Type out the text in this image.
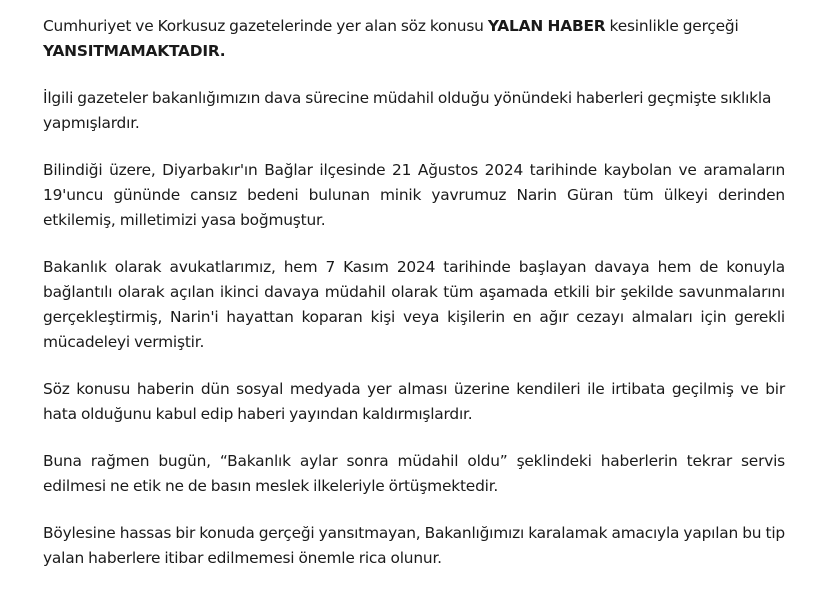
Cumhuriyet ve Korkusuz gazetelerinde yer alan söz konusu YALAN HABER kesinlikle gerçeği
YANSITMAMAKTADIR.

İlgili gazeteler bakanlığımızın dava sürecine müdahil olduğu yönündeki haberleri geçmişte sıklıkla yapmışlardır.

Bilindiği üzere, Diyarbakır'ın Bağlar ilçesinde 21 Ağustos 2024 tarihinde kaybolan ve aramaların 19'uncu gününde cansız bedeni bulunan minik yavrumuz Narin Güran tüm ülkeyi derinden etkilemiş, milletimizi yasa boğmuştur.

Bakanlık olarak avukatlarımız, hem 7 Kasım 2024 tarihinde başlayan davaya hem de konuyla bağlantılı olarak açılan ikinci davaya müdahil olarak tüm aşamada etkili bir şekilde savunmalarını gerçekleştirmiş, Narin'i hayattan koparan kişi veya kişilerin en ağır cezayı almaları için gerekli mücadeleyi vermiştir.

Söz konusu haberin dün sosyal medyada yer alması üzerine kendileri ile irtibata geçilmiş ve bir hata olduğunu kabul edip haberi yayından kaldırmışlardır.

Buna rağmen bugün, “Bakanlık aylar sonra müdahil oldu” şeklindeki haberlerin tekrar servis edilmesi ne etik ne de basın meslek ilkeleriyle örtüşmektedir.

Böylesine hassas bir konuda gerçeği yansıtmayan, Bakanlığımızı karalamak amacıyla yapılan bu tip yalan haberlere itibar edilmemesi önemle rica olunur.
